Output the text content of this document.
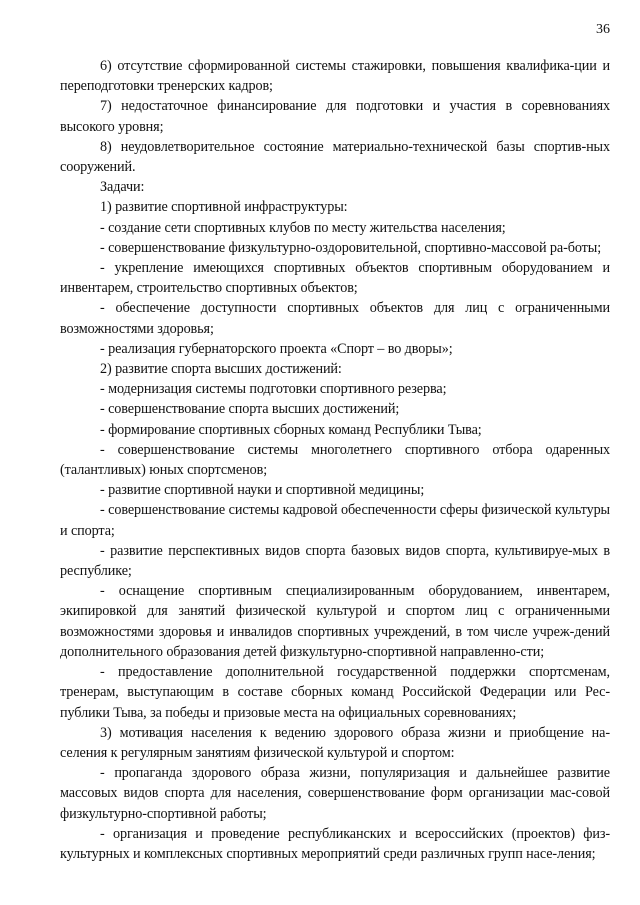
36

6) отсутствие сформированной системы стажировки, повышения квалифика-ции и переподготовки тренерских кадров;

7) недостаточное финансирование для подготовки и участия в соревнованиях высокого уровня;

8) неудовлетворительное состояние материально-технической базы спортив-ных сооружений.

Задачи:

1) развитие спортивной инфраструктуры:

- создание сети спортивных клубов по месту жительства населения;

- совершенствование физкультурно-оздоровительной, спортивно-массовой ра-боты;

- укрепление имеющихся спортивных объектов спортивным оборудованием и инвентарем, строительство спортивных объектов;

- обеспечение доступности спортивных объектов для лиц с ограниченными возможностями здоровья;

- реализация губернаторского проекта «Спорт – во дворы»;

2) развитие спорта высших достижений:

- модернизация системы подготовки спортивного резерва;

- совершенствование спорта высших достижений;

- формирование спортивных сборных команд Республики Тыва;

- совершенствование системы многолетнего спортивного отбора одаренных (талантливых) юных спортсменов;

- развитие спортивной науки и спортивной медицины;

- совершенствование системы кадровой обеспеченности сферы физической культуры и спорта;

- развитие перспективных видов спорта базовых видов спорта, культивируе-мых в республике;

- оснащение спортивным специализированным оборудованием, инвентарем, экипировкой для занятий физической культурой и спортом лиц с ограниченными возможностями здоровья и инвалидов спортивных учреждений, в том числе учреж-дений дополнительного образования детей физкультурно-спортивной направленно-сти;

- предоставление дополнительной государственной поддержки спортсменам, тренерам, выступающим в составе сборных команд Российской Федерации или Рес-публики Тыва, за победы и призовые места на официальных соревнованиях;

3) мотивация населения к ведению здорового образа жизни и приобщение на-селения к регулярным занятиям физической культурой и спортом:

- пропаганда здорового образа жизни, популяризация и дальнейшее развитие массовых видов спорта для населения, совершенствование форм организации мас-совой физкультурно-спортивной работы;

- организация и проведение республиканских и всероссийских (проектов) физ-культурных и комплексных спортивных мероприятий среди различных групп насе-ления;
